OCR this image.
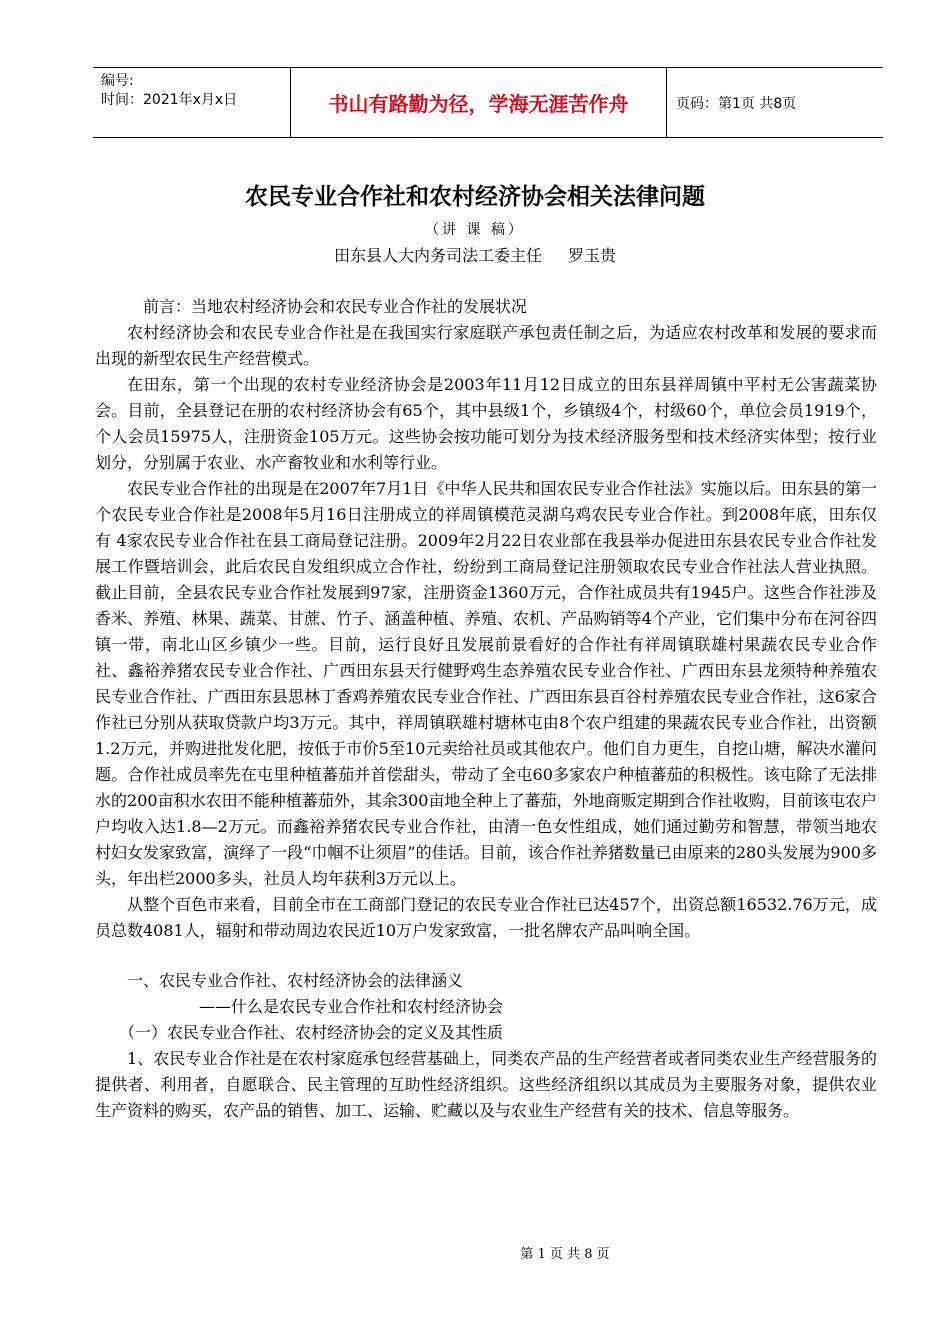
编号:
时间：2021年x月x日	书山有路勤为径，学海无涯苦作舟	页码：第1页 共8页
农民专业合作社和农村经济协会相关法律问题
（讲 课 稿）
田东县人大内务司法工委主任 罗玉贵
前言：当地农村经济协会和农民专业合作社的发展状况
农村经济协会和农民专业合作社是在我国实行家庭联产承包责任制之后，为适应农村改革和发展的要求而出现的新型农民生产经营模式。
在田东，第一个出现的农村专业经济协会是2003年11月12日成立的田东县祥周镇中平村无公害蔬菜协会。目前，全县登记在册的农村经济协会有65个，其中县级1个，乡镇级4个，村级60个，单位会员1919个，个人会员15975人，注册资金105万元。这些协会按功能可划分为技术经济服务型和技术经济实体型；按行业划分，分别属于农业、水产畜牧业和水利等行业。
农民专业合作社的出现是在2007年7月1日《中华人民共和国农民专业合作社法》实施以后。田东县的第一个农民专业合作社是2008年5月16日注册成立的祥周镇模范灵湖乌鸡农民专业合作社。到2008年底，田东仅有 4家农民专业合作社在县工商局登记注册。2009年2月22日农业部在我县举办促进田东县农民专业合作社发展工作暨培训会，此后农民自发组织成立合作社，纷纷到工商局登记注册领取农民专业合作社法人营业执照。截止目前，全县农民专业合作社发展到97家，注册资金1360万元，合作社成员共有1945户。这些合作社涉及香米、养殖、林果、蔬菜、甘蔗、竹子、涵盖种植、养殖、农机、产品购销等4个产业，它们集中分布在河谷四镇一带，南北山区乡镇少一些。目前，运行良好且发展前景看好的合作社有祥周镇联雄村果蔬农民专业合作社、鑫裕养猪农民专业合作社、广西田东县天行健野鸡生态养殖农民专业合作社、广西田东县龙须特种养殖农民专业合作社、广西田东县思林丁香鸡养殖农民专业合作社、广西田东县百谷村养殖农民专业合作社，这6家合作社已分别从获取贷款户均3万元。其中，祥周镇联雄村塘林屯由8个农户组建的果蔬农民专业合作社，出资额1.2万元，并购进批发化肥，按低于市价5至10元卖给社员或其他农户。他们自力更生，自挖山塘，解决水灌问题。合作社成员率先在屯里种植蕃茄并首偿甜头，带动了全屯60多家农户种植蕃茄的积极性。该屯除了无法排水的200亩积水农田不能种植蕃茄外，其余300亩地全种上了蕃茄，外地商贩定期到合作社收购，目前该屯农户户均收入达1.8—2万元。而鑫裕养猪农民专业合作社，由清一色女性组成，她们通过勤劳和智慧，带领当地农村妇女发家致富，演绎了一段“巾帼不让须眉”的佳话。目前，该合作社养猪数量已由原来的280头发展为900多头，年出栏2000多头，社员人均年获利3万元以上。
从整个百色市来看，目前全市在工商部门登记的农民专业合作社已达457个，出资总额16532.76万元，成员总数4081人，辐射和带动周边农民近10万户发家致富，一批名牌农产品叫响全国。
一、农民专业合作社、农村经济协会的法律涵义
——什么是农民专业合作社和农村经济协会
（一）农民专业合作社、农村经济协会的定义及其性质
1、农民专业合作社是在农村家庭承包经营基础上，同类农产品的生产经营者或者同类农业生产经营服务的提供者、利用者，自愿联合、民主管理的互助性经济组织。这些经济组织以其成员为主要服务对象，提供农业生产资料的购买，农产品的销售、加工、运输、贮藏以及与农业生产经营有关的技术、信息等服务。
第 1 页 共 8 页
